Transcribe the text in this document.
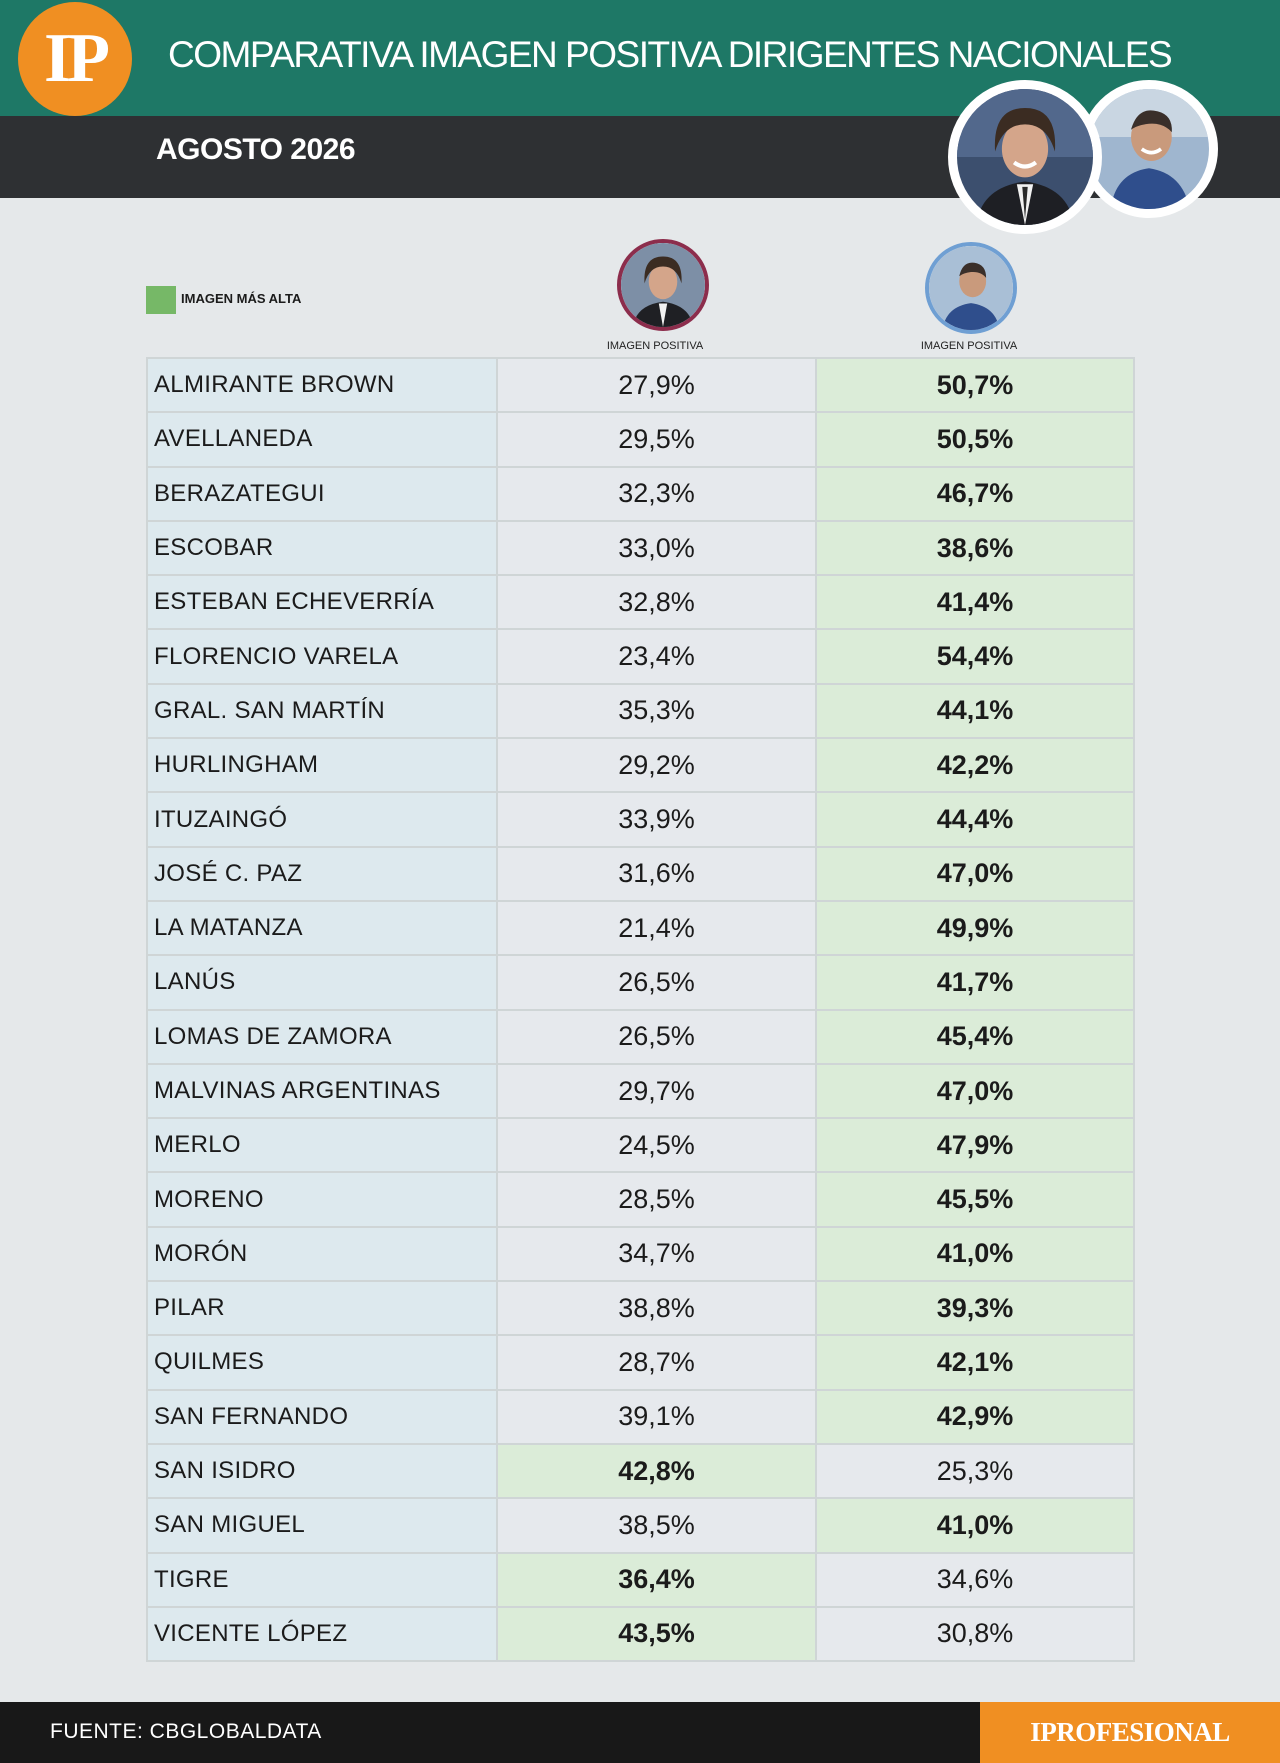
IP	COMPARATIVA IMAGEN POSITIVA DIRIGENTES NACIONALES
AGOSTO 2026
IMAGEN MÁS ALTA
IMAGEN POSITIVA	IMAGEN POSITIVA
ALMIRANTE BROWN	27,9%	50,7%
AVELLANEDA	29,5%	50,5%
BERAZATEGUI	32,3%	46,7%
ESCOBAR	33,0%	38,6%
ESTEBAN ECHEVERRÍA	32,8%	41,4%
FLORENCIO VARELA	23,4%	54,4%
GRAL. SAN MARTÍN	35,3%	44,1%
HURLINGHAM	29,2%	42,2%
ITUZAINGÓ	33,9%	44,4%
JOSÉ C. PAZ	31,6%	47,0%
LA MATANZA	21,4%	49,9%
LANÚS	26,5%	41,7%
LOMAS DE ZAMORA	26,5%	45,4%
MALVINAS ARGENTINAS	29,7%	47,0%
MERLO	24,5%	47,9%
MORENO	28,5%	45,5%
MORÓN	34,7%	41,0%
PILAR	38,8%	39,3%
QUILMES	28,7%	42,1%
SAN FERNANDO	39,1%	42,9%
SAN ISIDRO	42,8%	25,3%
SAN MIGUEL	38,5%	41,0%
TIGRE	36,4%	34,6%
VICENTE LÓPEZ	43,5%	30,8%
FUENTE: CBGLOBALDATA	IPROFESIONAL
